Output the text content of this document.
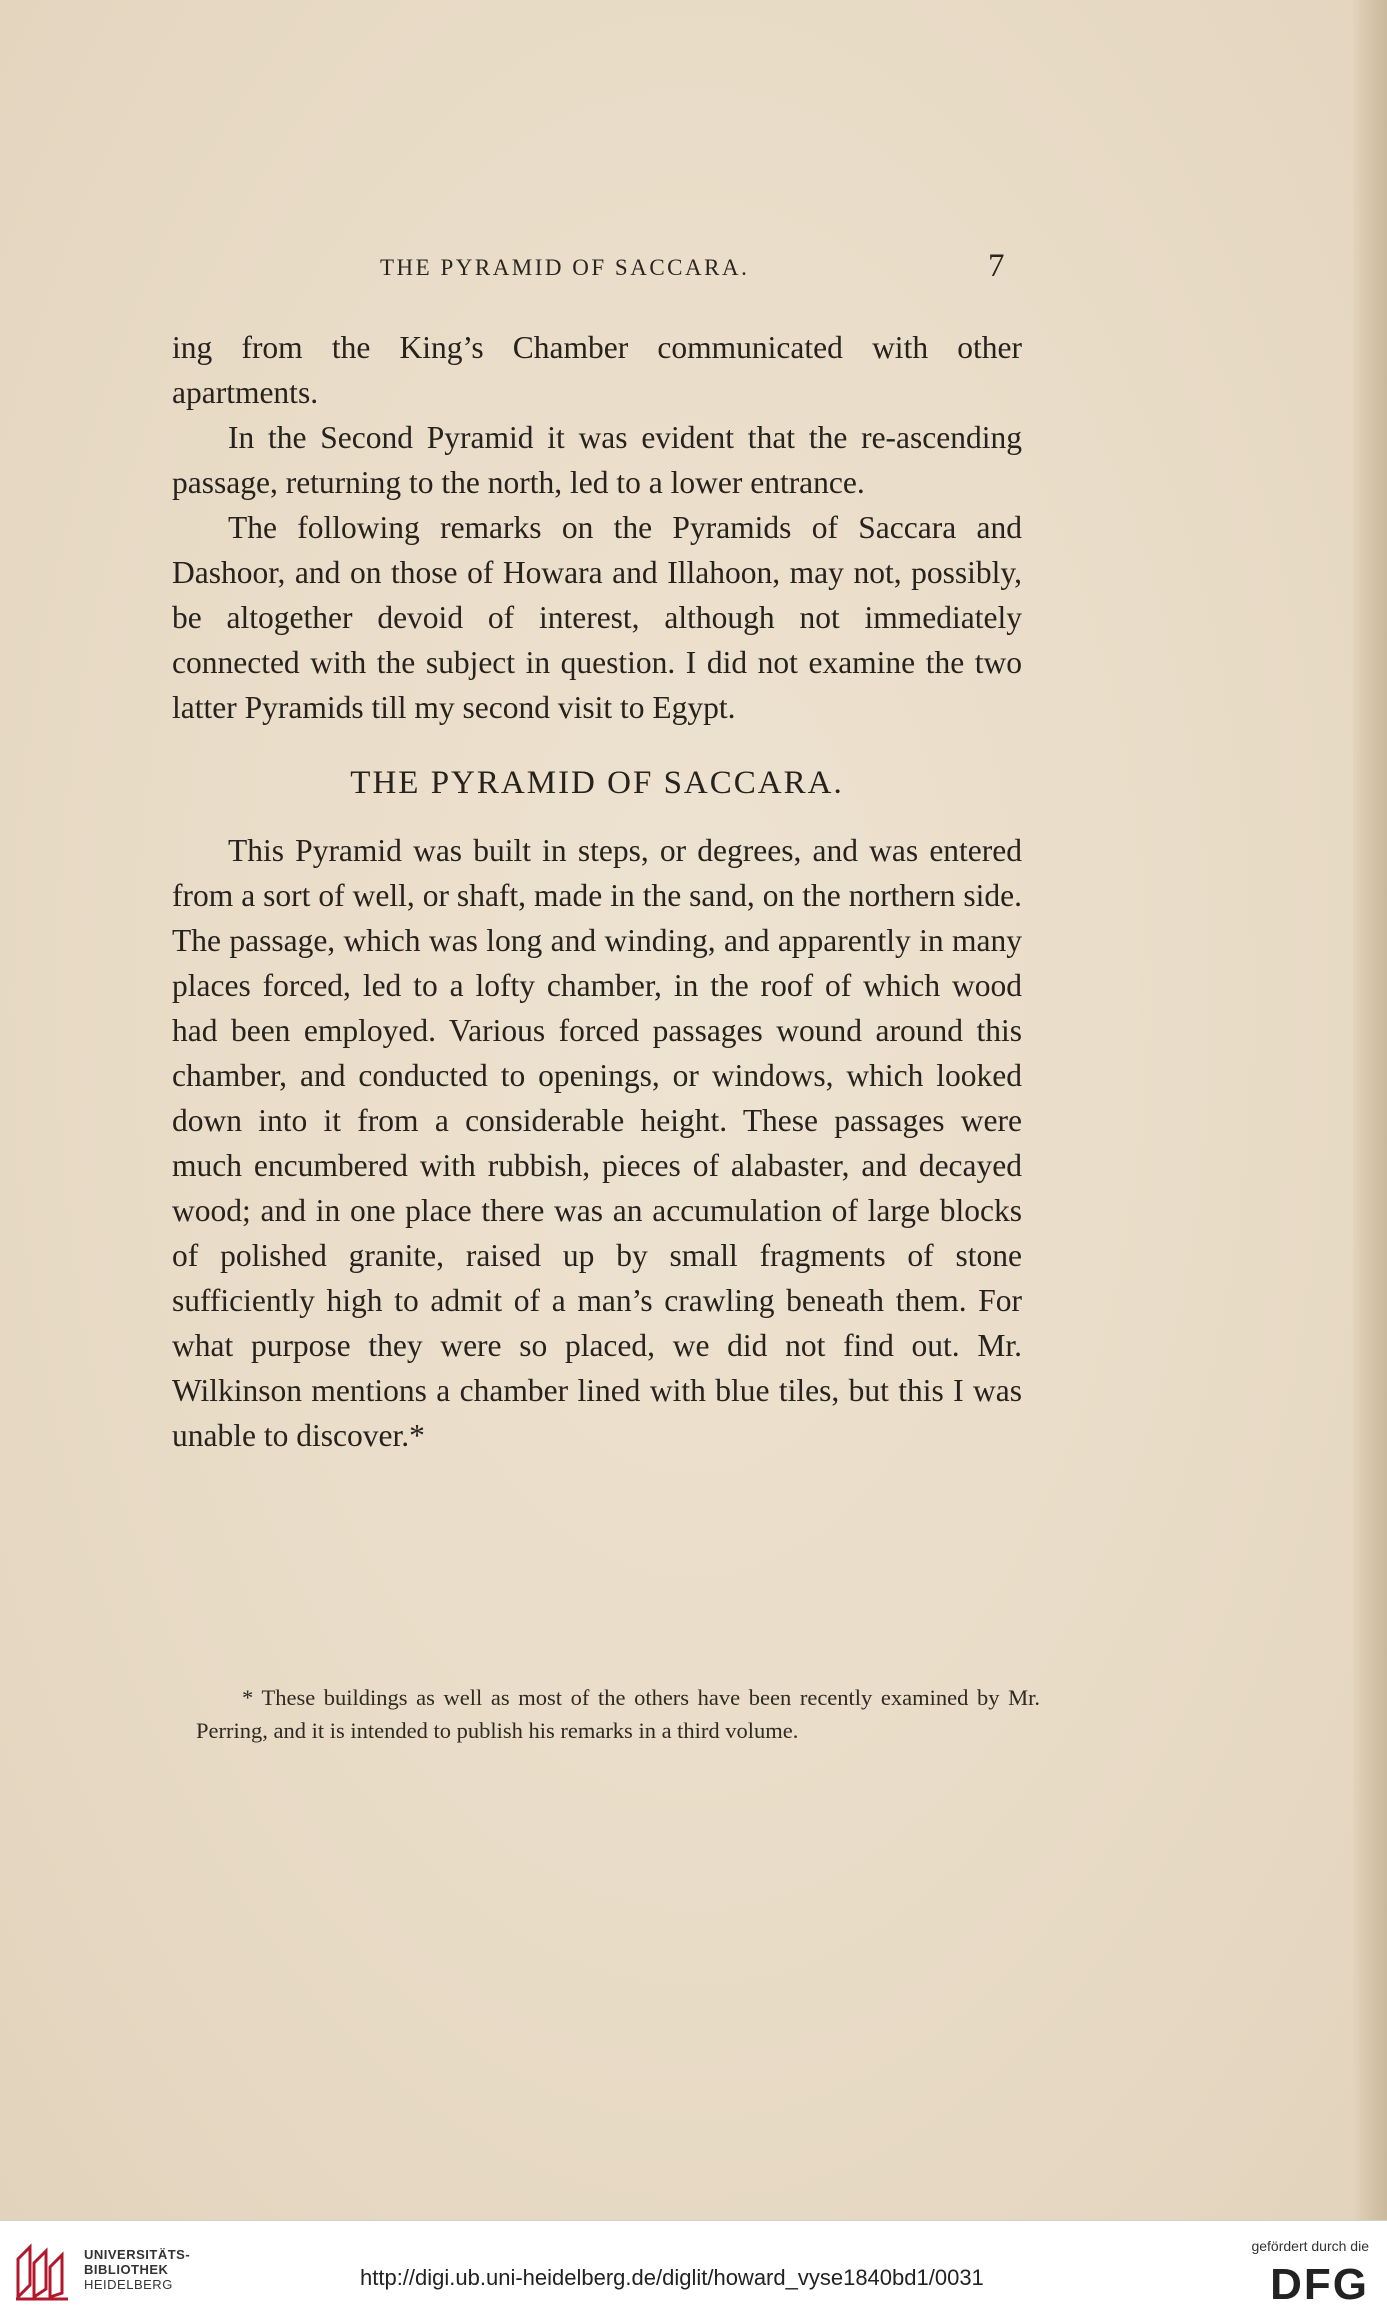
THE PYRAMID OF SACCARA.	7

ing from the King’s Chamber communicated with other apartments.

In the Second Pyramid it was evident that the re-ascending passage, returning to the north, led to a lower entrance.

The following remarks on the Pyramids of Saccara and Dashoor, and on those of Howara and Illahoon, may not, possibly, be altogether devoid of interest, although not immediately connected with the subject in question. I did not examine the two latter Pyramids till my second visit to Egypt.

THE PYRAMID OF SACCARA.

This Pyramid was built in steps, or degrees, and was entered from a sort of well, or shaft, made in the sand, on the northern side. The passage, which was long and winding, and apparently in many places forced, led to a lofty chamber, in the roof of which wood had been employed. Various forced passages wound around this chamber, and conducted to openings, or windows, which looked down into it from a considerable height. These passages were much encumbered with rubbish, pieces of alabaster, and decayed wood; and in one place there was an accumulation of large blocks of polished granite, raised up by small fragments of stone sufficiently high to admit of a man’s crawling beneath them. For what purpose they were so placed, we did not find out. Mr. Wilkinson mentions a chamber lined with blue tiles, but this I was unable to discover.*

* These buildings as well as most of the others have been recently examined by Mr. Perring, and it is intended to publish his remarks in a third volume.

UNIVERSITÄTS-
BIBLIOTHEK
HEIDELBERG	http://digi.ub.uni-heidelberg.de/diglit/howard_vyse1840bd1/0031
gefördert durch die
DFG
